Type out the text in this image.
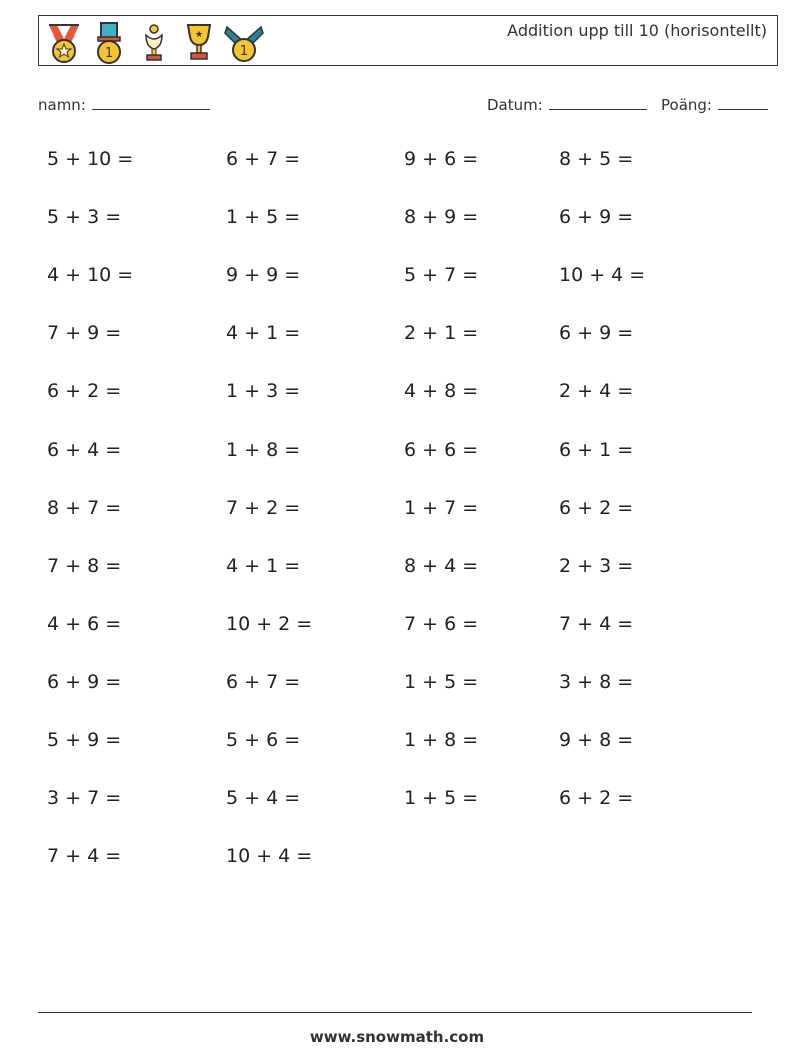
1
★
1
Addition upp till 10 (horisontellt)
namn:	Datum:	Poäng:
5 + 10 =	6 + 7 =	9 + 6 =	8 + 5 =
5 + 3 =	1 + 5 =	8 + 9 =	6 + 9 =
4 + 10 =	9 + 9 =	5 + 7 =	10 + 4 =
7 + 9 =	4 + 1 =	2 + 1 =	6 + 9 =
6 + 2 =	1 + 3 =	4 + 8 =	2 + 4 =
6 + 4 =	1 + 8 =	6 + 6 =	6 + 1 =
8 + 7 =	7 + 2 =	1 + 7 =	6 + 2 =
7 + 8 =	4 + 1 =	8 + 4 =	2 + 3 =
4 + 6 =	10 + 2 =	7 + 6 =	7 + 4 =
6 + 9 =	6 + 7 =	1 + 5 =	3 + 8 =
5 + 9 =	5 + 6 =	1 + 8 =	9 + 8 =
3 + 7 =	5 + 4 =	1 + 5 =	6 + 2 =
7 + 4 =	10 + 4 =
www.snowmath.com
